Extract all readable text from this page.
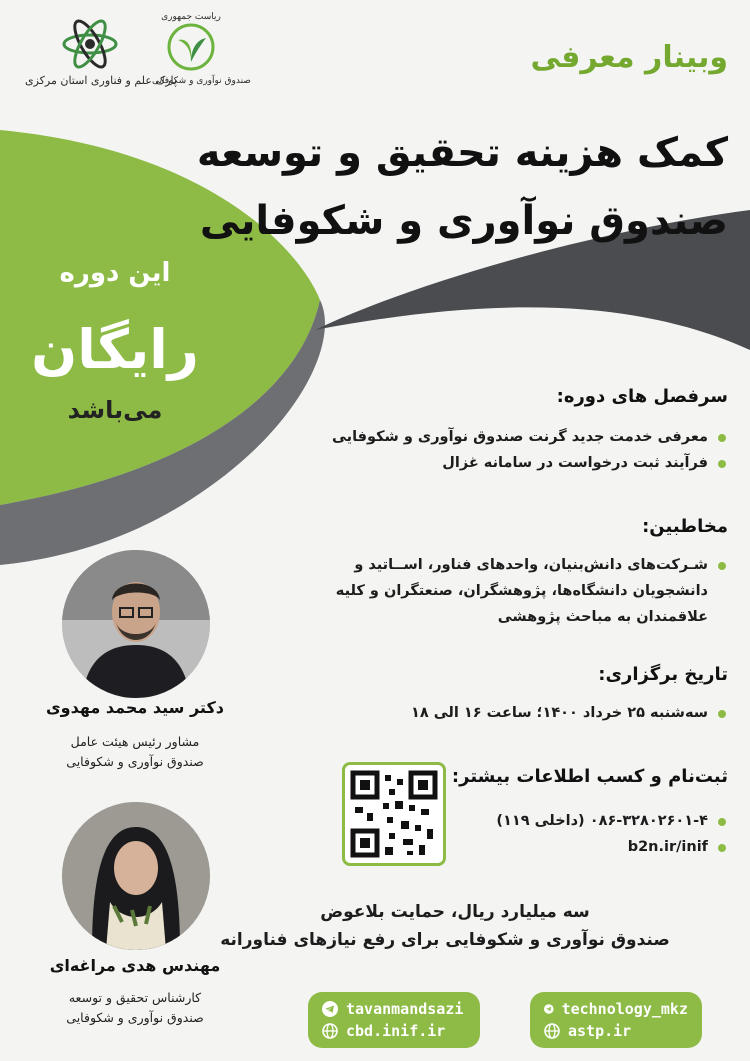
پارک علم و فناوری استان مرکزی
ریاست جمهوری
صندوق نوآوری و شکوفایی
وبینار معرفی
کمک هزینه تحقیق و توسعه
صندوق نوآوری و شکوفایی
این دوره
رایگان
می‌باشد	سرفصل های دوره:
معرفی خدمت جدید گرنت صندوق نوآوری و شکوفایی
فرآیند ثبت درخواست در سامانه غزال
مخاطبین:
شـرکت‌های دانش‌بنیان، واحدهای فناور، اســاتید و دانشجویان دانشگاه‌ها، پژوهشگران، صنعتگران و کلیه علاقمندان به مباحث پژوهشی
تاریخ برگزاری:
سه‌شنبه ۲۵ خرداد ۱۴۰۰؛ ساعت ۱۶ الی ۱۸
ثبت‌نام و کسب اطلاعات بیشتر:
۰۸۶-۳۲۸۰۲۶۰۱-۴ (داخلی ۱۱۹)
b2n.ir/inif
دکتر سید محمد مهدوی
مشاور رئیس هیئت عامل
صندوق نوآوری و شکوفایی
مهندس هدی مراغه‌ای
کارشناس تحقیق و توسعه
صندوق نوآوری و شکوفایی
سه میلیارد ریال، حمایت بلاعوض
صندوق نوآوری و شکوفایی برای رفع نیازهای فناورانه
tavanmandsazi
cbd.inif.ir
technology_mkz
astp.ir
